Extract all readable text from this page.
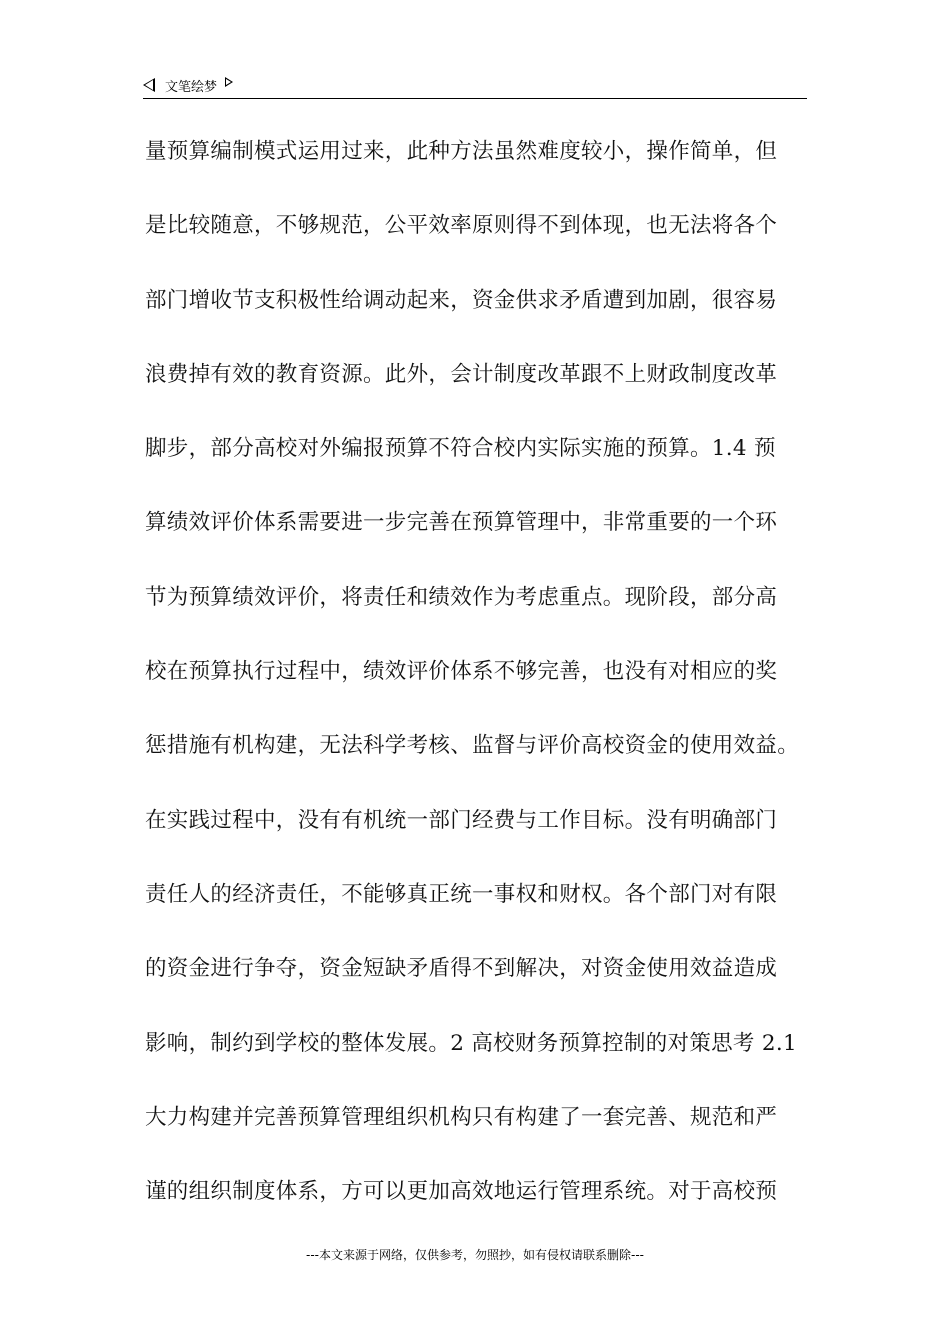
文笔绘梦
量预算编制模式运用过来，此种方法虽然难度较小，操作简单，但
是比较随意，不够规范，公平效率原则得不到体现，也无法将各个
部门增收节支积极性给调动起来，资金供求矛盾遭到加剧，很容易
浪费掉有效的教育资源。此外，会计制度改革跟不上财政制度改革
脚步，部分高校对外编报预算不符合校内实际实施的预算。1.4 预
算绩效评价体系需要进一步完善在预算管理中，非常重要的一个环
节为预算绩效评价，将责任和绩效作为考虑重点。现阶段，部分高
校在预算执行过程中，绩效评价体系不够完善，也没有对相应的奖
惩措施有机构建，无法科学考核、监督与评价高校资金的使用效益。
在实践过程中，没有有机统一部门经费与工作目标。没有明确部门
责任人的经济责任，不能够真正统一事权和财权。各个部门对有限
的资金进行争夺，资金短缺矛盾得不到解决，对资金使用效益造成
影响，制约到学校的整体发展。2 高校财务预算控制的对策思考 2.1
大力构建并完善预算管理组织机构只有构建了一套完善、规范和严
谨的组织制度体系，方可以更加高效地运行管理系统。对于高校预
---本文来源于网络，仅供参考，勿照抄，如有侵权请联系删除---
